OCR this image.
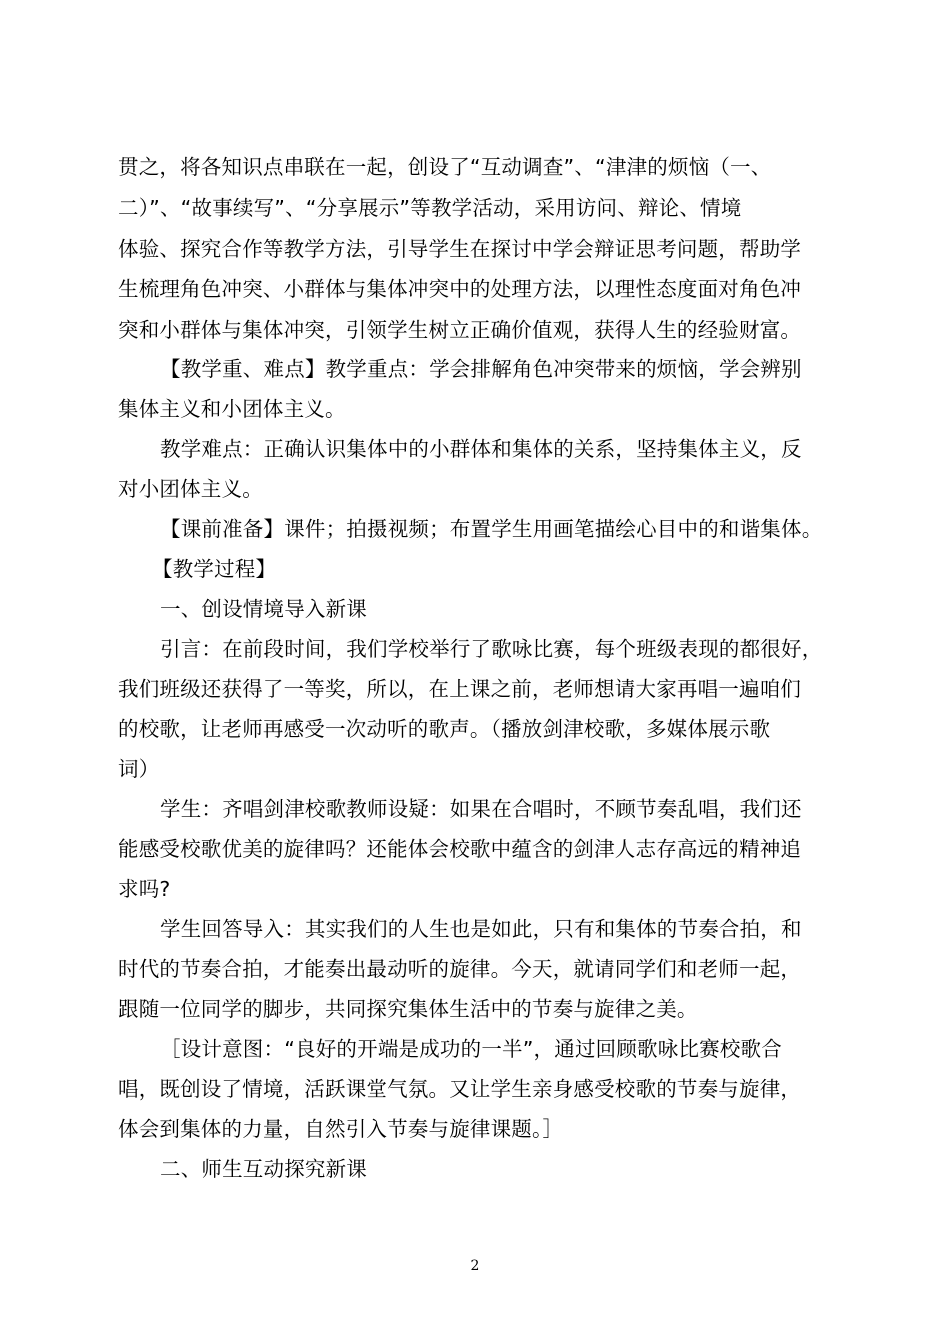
贯之，将各知识点串联在一起，创设了“互动调查”、“津津的烦恼（一、
二）”、“故事续写”、“分享展示”等教学活动，采用访问、辩论、情境
体验、探究合作等教学方法，引导学生在探讨中学会辩证思考问题，帮助学
生梳理角色冲突、小群体与集体冲突中的处理方法，以理性态度面对角色冲
突和小群体与集体冲突，引领学生树立正确价值观，获得人生的经验财富。
【教学重、难点】教学重点：学会排解角色冲突带来的烦恼，学会辨别
集体主义和小团体主义。
教学难点：正确认识集体中的小群体和集体的关系，坚持集体主义，反
对小团体主义。
【课前准备】课件；拍摄视频；布置学生用画笔描绘心目中的和谐集体。
【教学过程】
一、创设情境导入新课
引言：在前段时间，我们学校举行了歌咏比赛，每个班级表现的都很好，
我们班级还获得了一等奖，所以，在上课之前，老师想请大家再唱一遍咱们
的校歌，让老师再感受一次动听的歌声。（播放剑津校歌，多媒体展示歌
词）
学生：齐唱剑津校歌教师设疑：如果在合唱时，不顾节奏乱唱，我们还
能感受校歌优美的旋律吗？还能体会校歌中蕴含的剑津人志存高远的精神追
求吗?
学生回答导入：其实我们的人生也是如此，只有和集体的节奏合拍，和
时代的节奏合拍，才能奏出最动听的旋律。今天，就请同学们和老师一起，
跟随一位同学的脚步，共同探究集体生活中的节奏与旋律之美。
［设计意图：“良好的开端是成功的一半”，通过回顾歌咏比赛校歌合
唱，既创设了情境，活跃课堂气氛。又让学生亲身感受校歌的节奏与旋律，
体会到集体的力量，自然引入节奏与旋律课题。］
二、师生互动探究新课
2
